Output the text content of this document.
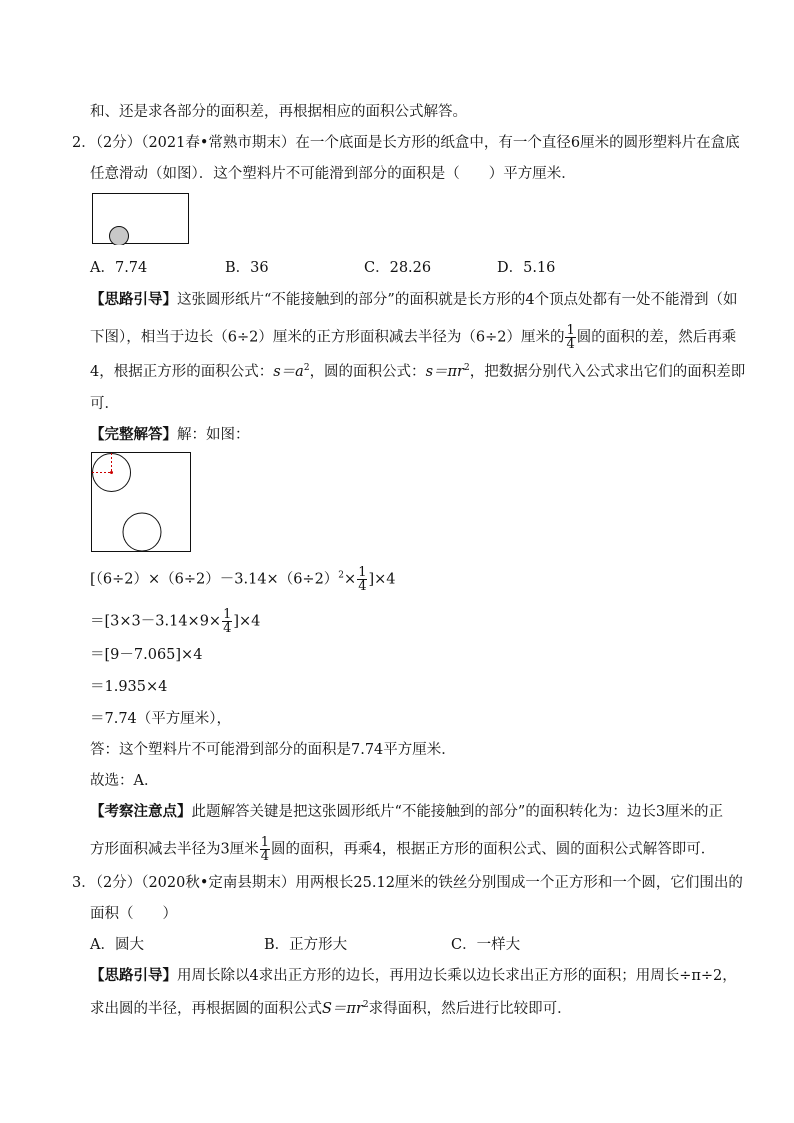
和、还是求各部分的面积差，再根据相应的面积公式解答。
2．（2分）（2021春•常熟市期末）在一个底面是长方形的纸盒中，有一个直径6厘米的圆形塑料片在盒底
任意滑动（如图）．这个塑料片不可能滑到部分的面积是（　　）平方厘米．
A．7.74	B．36	C．28.26	D．5.16
【思路引导】这张圆形纸片“不能接触到的部分”的面积就是长方形的4个顶点处都有一处不能滑到（如
下图），相当于边长（6÷2）厘米的正方形面积减去半径为（6÷2）厘米的 $\frac{1}{4}$ 圆的面积的差，然后再乘
4，根据正方形的面积公式：$s=a^2$，圆的面积公式：$s=\pi r^2$，把数据分别代入公式求出它们的面积差即
可．
【完整解答】解：如图：
$[(6\div 2)\times(6\div 2)-3.14\times(6\div 2)^2\times \frac{1}{4} ]\times 4$
$=[3\times 3-3.14\times 9\times \frac{1}{4} ]\times 4$
＝[9－7.065]×4
＝1.935×4
＝7.74（平方厘米），
答：这个塑料片不可能滑到部分的面积是7.74平方厘米．
故选：A．
【考察注意点】此题解答关键是把这张圆形纸片“不能接触到的部分”的面积转化为：边长3厘米的正
方形面积减去半径为3厘米 $\frac{1}{4}$ 圆的面积，再乘4，根据正方形的面积公式、圆的面积公式解答即可．
3．（2分）（2020秋•定南县期末）用两根长25.12厘米的铁丝分别围成一个正方形和一个圆，它们围出的
面积（　　）
A．圆大	B．正方形大	C．一样大
【思路引导】用周长除以4求出正方形的边长，再用边长乘以边长求出正方形的面积；用周长÷π÷2，
求出圆的半径，再根据圆的面积公式$S=\pi r^2$求得面积，然后进行比较即可．
